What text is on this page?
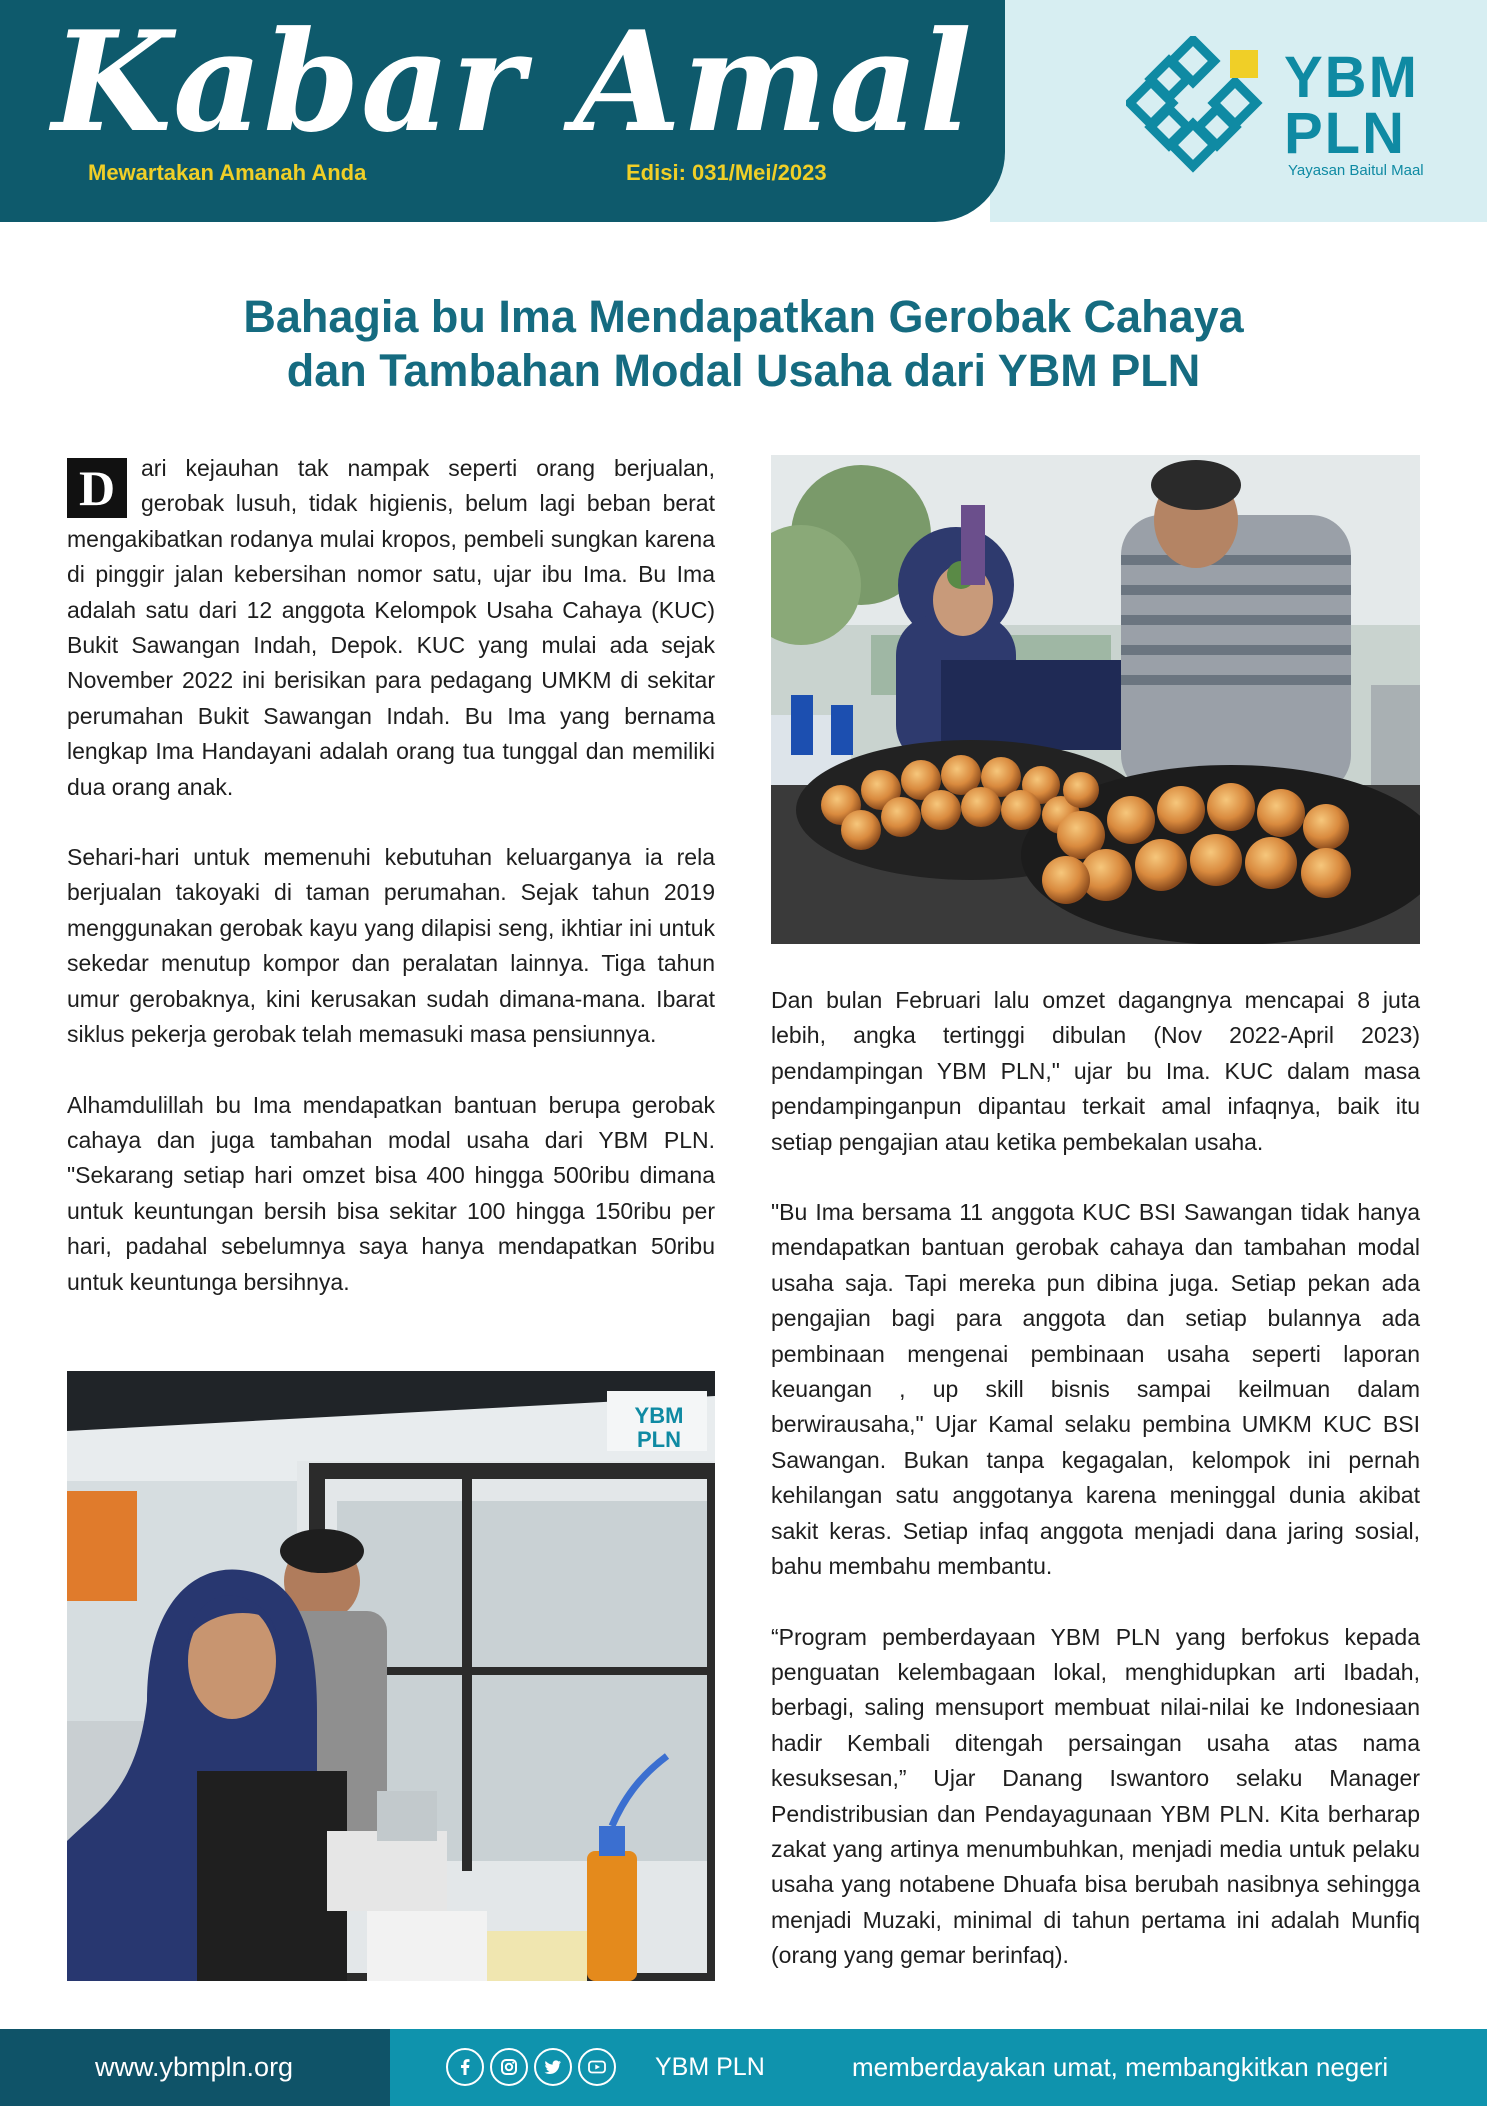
Kabar Amal
Mewartakan Amanah Anda	Edisi: 031/Mei/2023
YBM
PLN
Yayasan Baitul Maal
Bahagia bu Ima Mendapatkan Gerobak Cahaya
dan Tambahan Modal Usaha dari YBM PLN

D	ari kejauhan tak nampak seperti orang berjualan, gerobak lusuh, tidak higienis, belum lagi beban berat mengakibatkan rodanya mulai kropos, pembeli sungkan karena di pinggir jalan kebersihan nomor satu, ujar ibu Ima. Bu Ima adalah satu dari 12 anggota Kelompok Usaha Cahaya (KUC) Bukit Sawangan Indah, Depok. KUC yang mulai ada sejak November 2022 ini berisikan para pedagang UMKM di sekitar perumahan Bukit Sawangan Indah. Bu Ima yang bernama lengkap Ima Handayani adalah orang tua tunggal dan memiliki dua orang anak.

Sehari-hari untuk memenuhi kebutuhan keluarganya ia rela berjualan takoyaki di taman perumahan. Sejak tahun 2019 menggunakan gerobak kayu yang dilapisi seng, ikhtiar ini untuk sekedar menutup kompor dan peralatan lainnya. Tiga tahun umur gerobaknya, kini kerusakan sudah dimana-mana. Ibarat siklus pekerja gerobak telah memasuki masa pensiunnya.

Alhamdulillah bu Ima mendapatkan bantuan berupa gerobak cahaya dan juga tambahan modal usaha dari YBM PLN. "Sekarang setiap hari omzet bisa 400 hingga 500ribu dimana untuk keuntungan bersih bisa sekitar 100 hingga 150ribu per hari, padahal sebelumnya saya hanya mendapatkan 50ribu untuk keuntunga bersihnya.

YBM PLN

Dan bulan Februari lalu omzet dagangnya mencapai 8 juta lebih, angka tertinggi dibulan (Nov 2022-April 2023) pendampingan YBM PLN," ujar bu Ima. KUC dalam masa pendampinganpun dipantau terkait amal infaqnya, baik itu setiap pengajian atau ketika pembekalan usaha.

"Bu Ima bersama 11 anggota KUC BSI Sawangan tidak hanya mendapatkan bantuan gerobak cahaya dan tambahan modal usaha saja. Tapi mereka pun dibina juga. Setiap pekan ada pengajian bagi para anggota dan setiap bulannya ada pembinaan mengenai pembinaan usaha seperti laporan keuangan , up skill bisnis sampai keilmuan dalam berwirausaha," Ujar Kamal selaku pembina UMKM KUC BSI Sawangan. Bukan tanpa kegagalan, kelompok ini pernah kehilangan satu anggotanya karena meninggal dunia akibat sakit keras. Setiap infaq anggota menjadi dana jaring sosial, bahu membahu membantu.

“Program pemberdayaan YBM PLN yang berfokus kepada penguatan kelembagaan lokal, menghidupkan arti Ibadah, berbagi, saling mensuport membuat nilai-nilai ke Indonesiaan hadir Kembali ditengah persaingan usaha atas nama kesuksesan,” Ujar Danang Iswantoro selaku Manager Pendistribusian dan Pendayagunaan YBM PLN. Kita berharap zakat yang artinya menumbuhkan, menjadi media untuk pelaku usaha yang notabene Dhuafa bisa berubah nasibnya sehingga menjadi Muzaki, minimal di tahun pertama ini adalah Munfiq (orang yang gemar berinfaq).

www.ybmpln.org	YBM PLN	memberdayakan umat, membangkitkan negeri
